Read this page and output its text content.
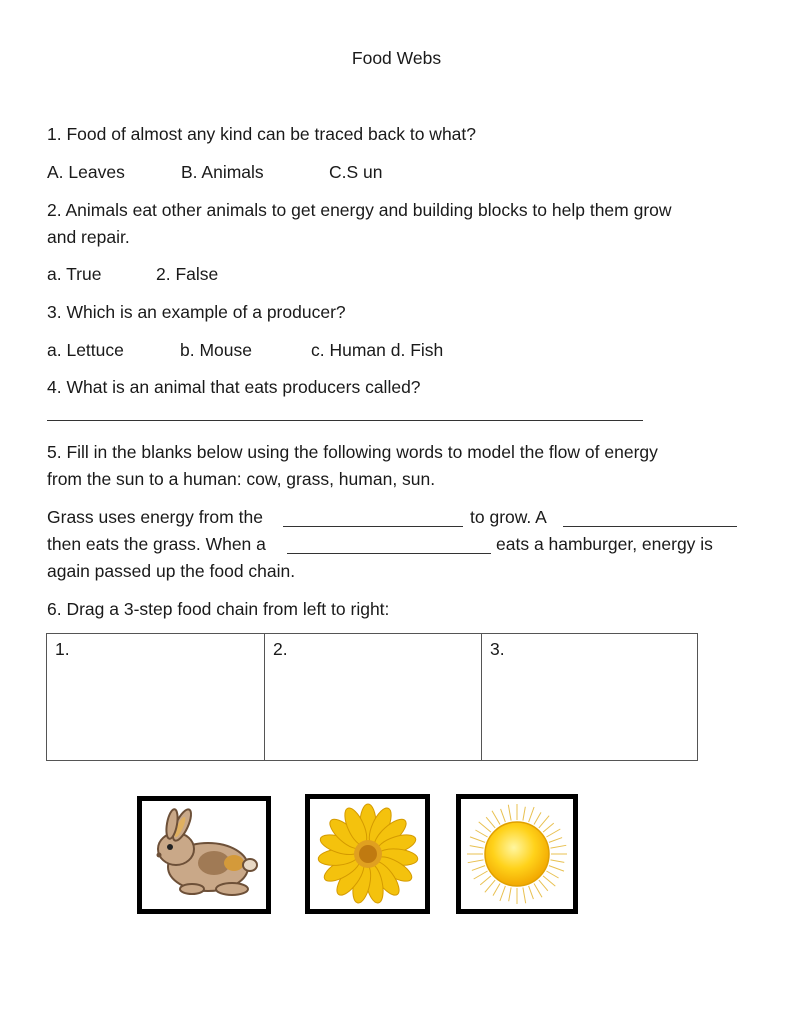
Food Webs
1. Food of almost any kind can be traced back to what?
A. Leaves	B. Animals	C.S un
2. Animals eat other animals to get energy and building blocks to help them grow
and repair.
a. True	2. False
3. Which is an example of a producer?
a. Lettuce	b. Mouse	c. Human d. Fish
4. What is an animal that eats producers called?
5. Fill in the blanks below using the following words to model the flow of energy
from the sun to a human: cow, grass, human, sun.
Grass uses energy from the	to grow. A
then eats the grass. When a	eats a hamburger, energy is
again passed up the food chain.
6. Drag a 3-step food chain from left to right:
1.	2.	3.
